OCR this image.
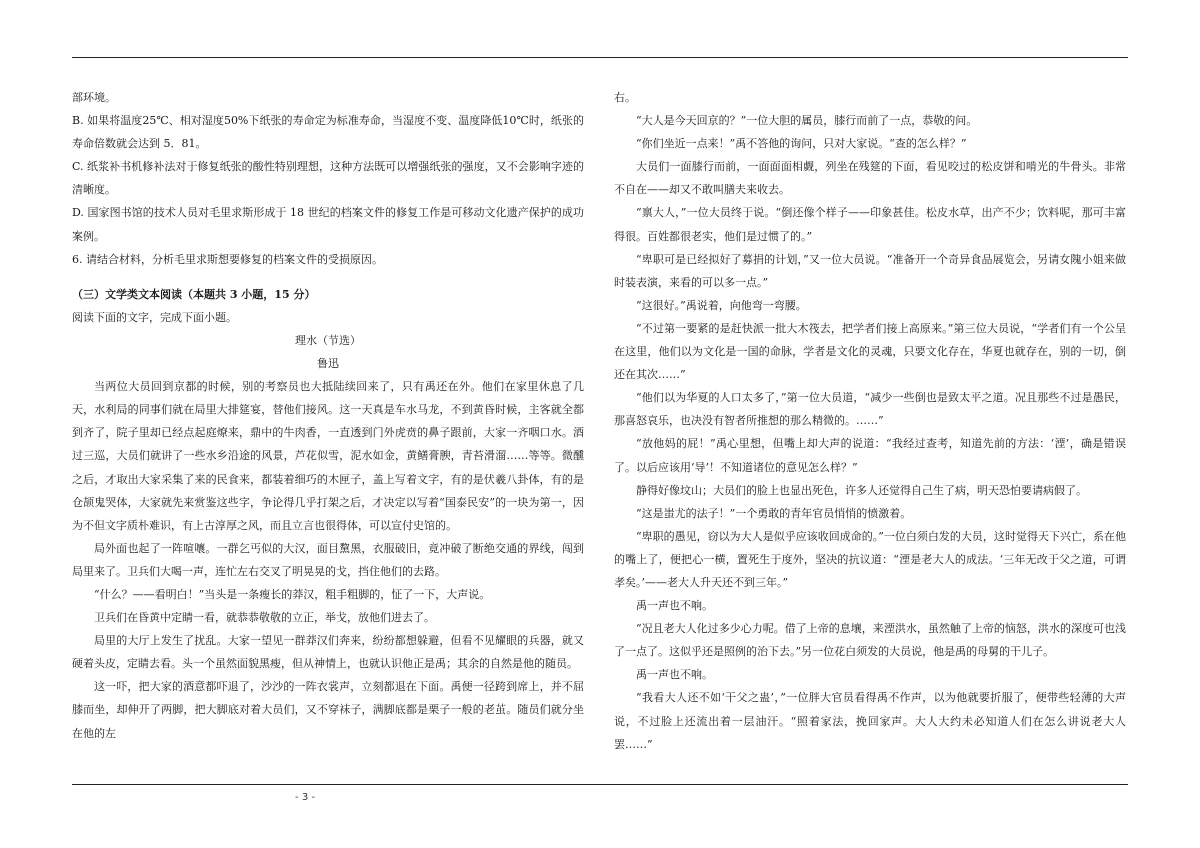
部环境。

B. 如果将温度25℃、相对湿度50%下纸张的寿命定为标准寿命，当湿度不变、温度降低10℃时，纸张的寿命倍数就会达到 5．81。

C. 纸浆补书机修补法对于修复纸张的酸性特别理想，这种方法既可以增强纸张的强度，又不会影响字迹的清晰度。

D. 国家图书馆的技术人员对毛里求斯形成于 18 世纪的档案文件的修复工作是可移动文化遗产保护的成功案例。

6. 请结合材料，分析毛里求斯想要修复的档案文件的受损原因。

（三）文学类文本阅读（本题共 3 小题，15 分）

阅读下面的文字，完成下面小题。

理水（节选）

鲁迅

当两位大员回到京都的时候，别的考察员也大抵陆续回来了，只有禹还在外。他们在家里休息了几天，水利局的同事们就在局里大排筵宴，替他们接风。这一天真是车水马龙，不到黄昏时候，主客就全都到齐了，院子里却已经点起庭燎来，鼎中的牛肉香，一直透到门外虎贲的鼻子跟前，大家一齐咽口水。酒过三巡，大员们就讲了一些水乡沿途的风景，芦花似雪，泥水如金，黄鳝膏腴，青苔滑溜……等等。微醺之后，才取出大家采集了来的民食来，都装着细巧的木匣子，盖上写着文字，有的是伏羲八卦体，有的是仓颉鬼哭体，大家就先来赏鉴这些字，争论得几乎打架之后，才决定以写着“国泰民安”的一块为第一，因为不但文字质朴难识，有上古淳厚之风，而且立言也很得体，可以宣付史馆的。

局外面也起了一阵喧嚷。一群乞丐似的大汉，面目黧黑，衣服破旧，竟冲破了断绝交通的界线，闯到局里来了。卫兵们大喝一声，连忙左右交叉了明晃晃的戈，挡住他们的去路。

“什么？——看明白！”当头是一条瘦长的莽汉，粗手粗脚的，怔了一下，大声说。

卫兵们在昏黄中定睛一看，就恭恭敬敬的立正，举戈，放他们进去了。

局里的大厅上发生了扰乱。大家一望见一群莽汉们奔来，纷纷都想躲避，但看不见耀眼的兵器，就又硬着头皮，定睛去看。头一个虽然面貌黑瘦，但从神情上，也就认识他正是禹；其余的自然是他的随员。

这一吓，把大家的酒意都吓退了，沙沙的一阵衣裳声，立刻都退在下面。禹便一径跨到席上，并不屈膝而坐，却伸开了两脚，把大脚底对着大员们，又不穿袜子，满脚底都是栗子一般的老茧。随员们就分坐在他的左

右。

“大人是今天回京的？”一位大胆的属员，膝行而前了一点，恭敬的问。

“你们坐近一点来！”禹不答他的询问，只对大家说。“查的怎么样？”

大员们一面膝行而前，一面面面相觑，列坐在残筵的下面，看见咬过的松皮饼和啃光的牛骨头。非常不自在——却又不敢叫膳夫来收去。

“禀大人，”一位大员终于说。“倒还像个样子——印象甚佳。松皮水草，出产不少；饮料呢，那可丰富得很。百姓都很老实，他们是过惯了的。”

“卑职可是已经拟好了募捐的计划，”又一位大员说。“准备开一个奇异食品展览会，另请女隗小姐来做时装表演，来看的可以多一点。”

“这很好。”禹说着，向他弯一弯腰。

“不过第一要紧的是赶快派一批大木筏去，把学者们接上高原来。”第三位大员说，“学者们有一个公呈在这里，他们以为文化是一国的命脉，学者是文化的灵魂，只要文化存在，华夏也就存在，别的一切，倒还在其次……”

“他们以为华夏的人口太多了，”第一位大员道，“减少一些倒也是致太平之道。况且那些不过是愚民，那喜怒哀乐，也决没有智者所推想的那么精微的。……”

“放他妈的屁！”禹心里想，但嘴上却大声的说道：“我经过查考，知道先前的方法：‘湮’，确是错误了。以后应该用‘导’！不知道诸位的意见怎么样？”

静得好像坟山；大员们的脸上也显出死色，许多人还觉得自己生了病，明天恐怕要请病假了。

“这是蚩尤的法子！”一个勇敢的青年官员悄悄的愤激着。

“卑职的愚见，窃以为大人是似乎应该收回成命的。”一位白须白发的大员，这时觉得天下兴亡，系在他的嘴上了，便把心一横，置死生于度外，坚决的抗议道：“湮是老大人的成法。‘三年无改于父之道，可谓孝矣。’——老大人升天还不到三年。”

禹一声也不响。

“况且老大人化过多少心力呢。借了上帝的息壤，来湮洪水，虽然触了上帝的恼怒，洪水的深度可也浅了一点了。这似乎还是照例的治下去。”另一位花白须发的大员说，他是禹的母舅的干儿子。

禹一声也不响。

“我看大人还不如‘干父之蛊’，”一位胖大官员看得禹不作声，以为他就要折服了，便带些轻薄的大声说，不过脸上还流出着一层油汗。“照着家法，挽回家声。大人大约未必知道人们在怎么讲说老大人罢……”

- 3 -
